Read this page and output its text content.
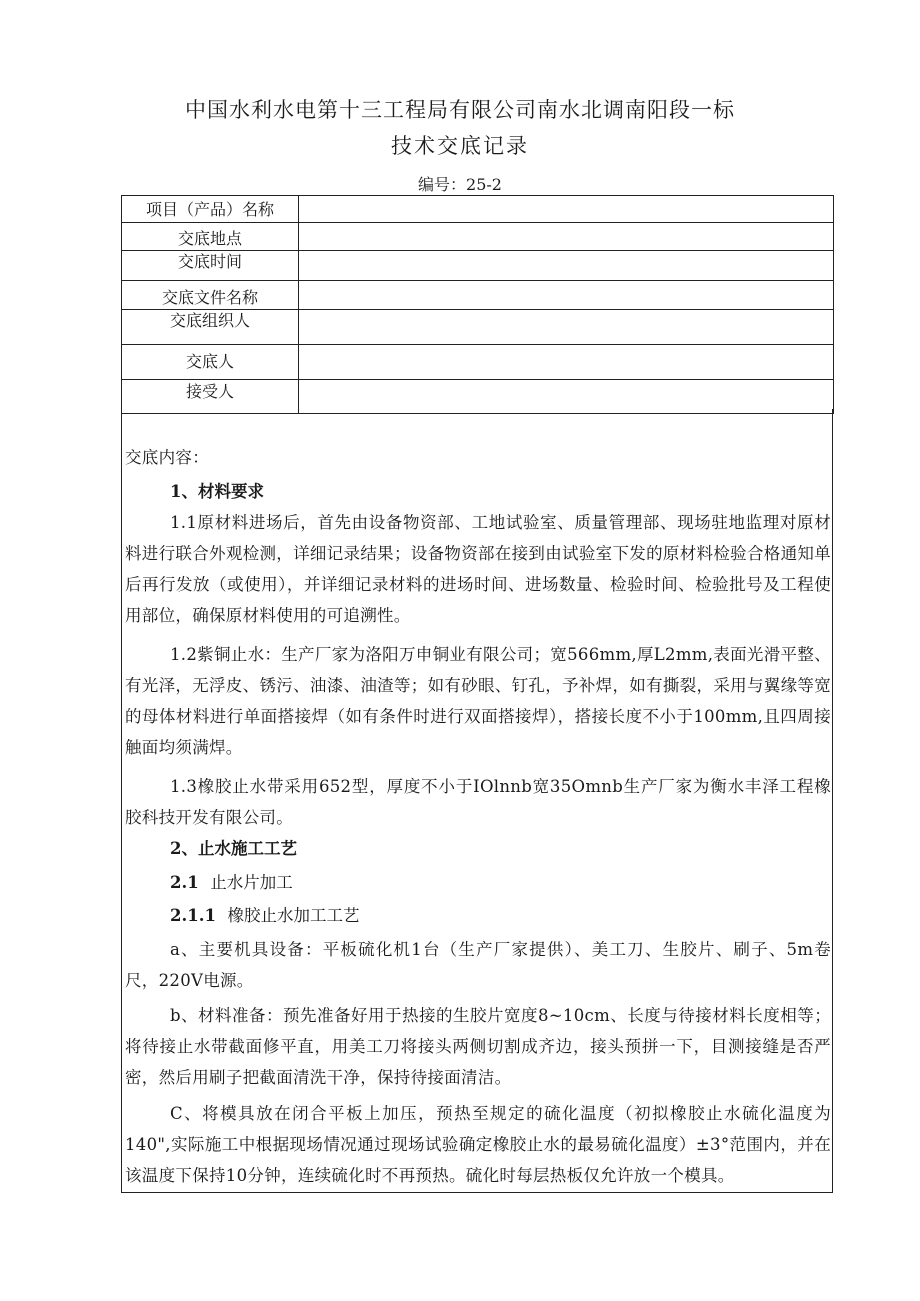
中国水利水电第十三工程局有限公司南水北调南阳段一标
技术交底记录
编号：25-2
项目（产品）名称	
交底地点	
交底时间	
交底文件名称	
交底组织人	
交底人	
接受人	
交底内容：
1、材料要求
1.1原材料进场后，首先由设备物资部、工地试验室、质量管理部、现场驻地监理对原材料进行联合外观检测，详细记录结果；设备物资部在接到由试验室下发的原材料检验合格通知单后再行发放（或使用），并详细记录材料的进场时间、进场数量、检验时间、检验批号及工程使用部位，确保原材料使用的可追溯性。
1.2紫铜止水：生产厂家为洛阳万申铜业有限公司；宽566mm,厚L2mm,表面光滑平整、有光泽，无浮皮、锈污、油漆、油渣等；如有砂眼、钉孔，予补焊，如有撕裂，采用与翼缘等宽的母体材料进行单面搭接焊（如有条件时进行双面搭接焊），搭接长度不小于100mm,且四周接触面均须满焊。
1.3橡胶止水带采用652型，厚度不小于IOlnnb宽35Omnb生产厂家为衡水丰泽工程橡胶科技开发有限公司。
2、止水施工工艺
2.1 止水片加工
2.1.1 橡胶止水加工工艺
a、主要机具设备：平板硫化机1台（生产厂家提供）、美工刀、生胶片、刷子、5m卷尺，220V电源。
b、材料准备：预先准备好用于热接的生胶片宽度8~10cm、长度与待接材料长度相等；将待接止水带截面修平直，用美工刀将接头两侧切割成齐边，接头预拼一下，目测接缝是否严密，然后用刷子把截面清洗干净，保持待接面清洁。
C、将模具放在闭合平板上加压，预热至规定的硫化温度（初拟橡胶止水硫化温度为140",实际施工中根据现场情况通过现场试验确定橡胶止水的最易硫化温度）±3°范围内，并在该温度下保持10分钟，连续硫化时不再预热。硫化时每层热板仅允许放一个模具。
